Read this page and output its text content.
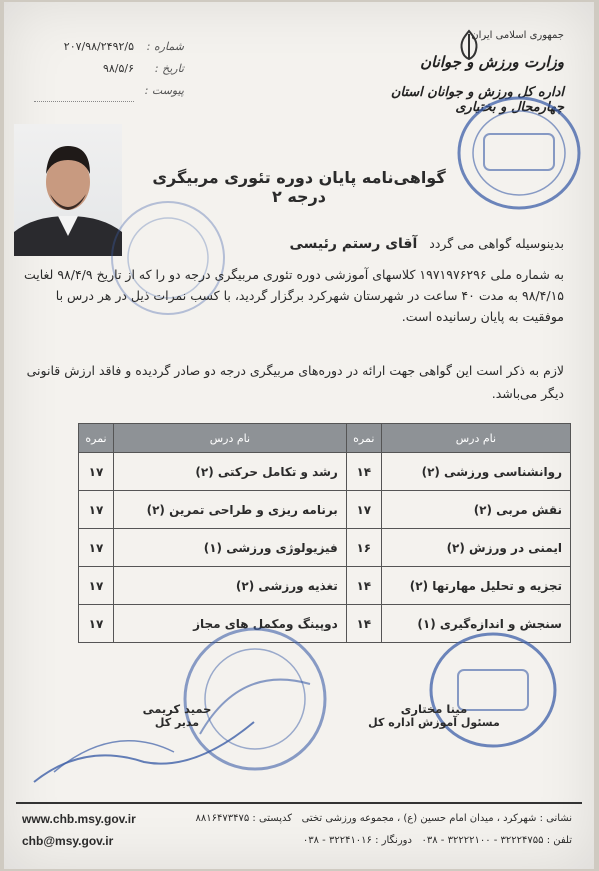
شماره :
۲۰۷/۹۸/۲۴۹۲/۵
تاریخ :
۹۸/۵/۶
پیوست :
جمهوری اسلامی ایران
وزارت ورزش و جوانان
اداره کل ورزش و جوانان استان چهارمحال و بختیاری
گواهی‌نامه پایان دوره تئوری مربیگری درجه ۲
بدینوسیله گواهی می گردد آقای رستم رئیسی
به شماره ملی ۱۹۷۱۹۷۶۲۹۶ کلاسهای آموزشی دوره تئوری مربیگری درجه دو را که از تاریخ ۹۸/۴/۹ لغایت ۹۸/۴/۱۵ به مدت ۴۰ ساعت در شهرستان شهرکرد برگزار گردید، با کسب نمرات ذیل در هر درس با موفقیت به پایان رسانیده است.
لازم به ذکر است این گواهی جهت ارائه در دوره‌های مربیگری درجه دو صادر گردیده و فاقد ارزش قانونی دیگر می‌باشد.
نام درس	نمره	نام درس	نمره
روانشناسی ورزشی (۲)	۱۴	رشد و تکامل حرکتی (۲)	۱۷
نقش مربی (۲)	۱۷	برنامه ریزی و طراحی تمرین (۲)	۱۷
ایمنی در ورزش (۲)	۱۶	فیزیولوژی ورزشی (۱)	۱۷
تجزیه و تحلیل مهارتها (۲)	۱۴	تغذیه ورزشی (۲)	۱۷
سنجش و اندازه‌گیری (۱)	۱۴	دوپینگ ومکمل های مجاز	۱۷
حمید کریمی
مدیر کل
مینا مختاری
مسئول آموزش اداره کل
نشانی : شهرکرد ، میدان امام حسین (ع) ، مجموعه ورزشی تختی   کدپستی : ۸۸۱۶۴۷۳۴۷۵
تلفن : ۳۲۲۲۴۷۵۵ - ۳۲۲۲۲۱۰۰ - ۰۳۸   دورنگار : ۳۲۲۴۱۰۱۶ - ۰۳۸
www.chb.msy.gov.ir
chb@msy.gov.ir
